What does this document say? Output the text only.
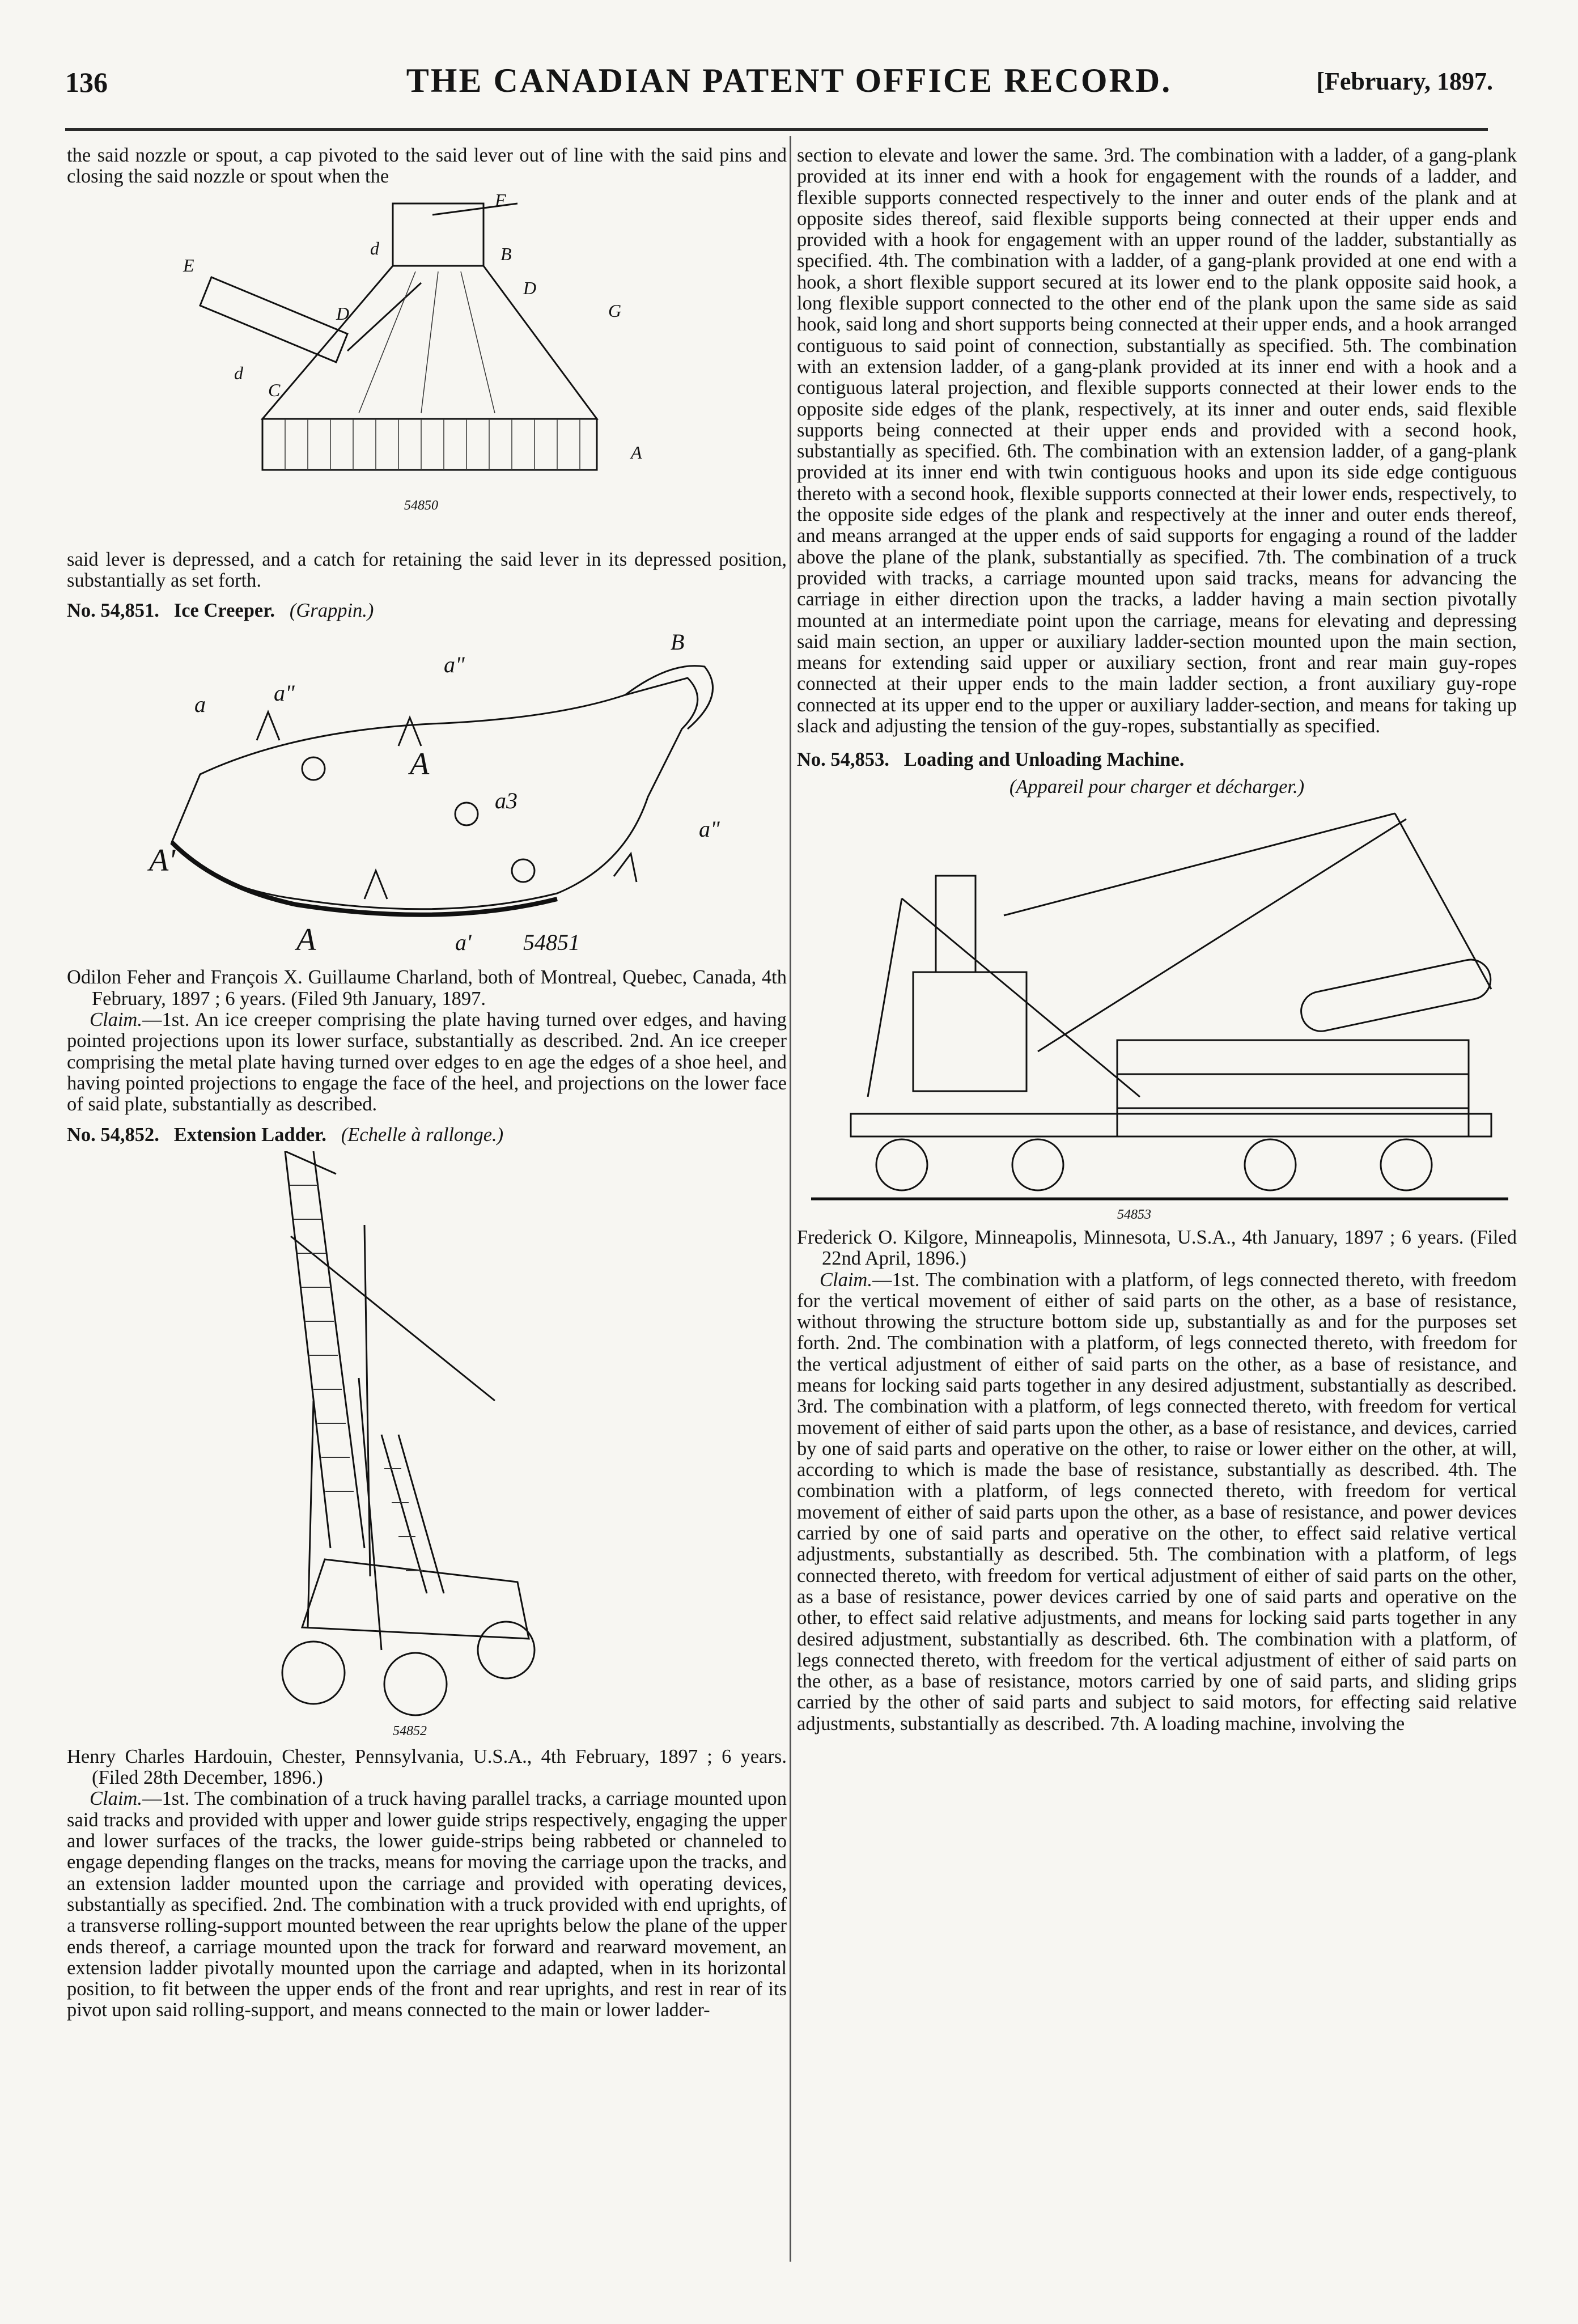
136	THE CANADIAN PATENT OFFICE RECORD.	[February, 1897.

the said nozzle or spout, a cap pivoted to the said lever out of line with the said pins and closing the said nozzle or spout when the

F
E
d	B
D
G
D
d
C
A
54850

said lever is depressed, and a catch for retaining the said lever in its depressed position, substantially as set forth.

No. 54,851. Ice Creeper. (Grappin.)

B
a"
a"
a
A
a3
A'
a"
A	a' 54851

Odilon Feher and François X. Guillaume Charland, both of Montreal, Quebec, Canada, 4th February, 1897 ; 6 years. (Filed 9th January, 1897.

Claim.—1st. An ice creeper comprising the plate having turned over edges, and having pointed projections upon its lower surface, substantially as described. 2nd. An ice creeper comprising the metal plate having turned over edges to en age the edges of a shoe heel, and having pointed projections to engage the face of the heel, and projections on the lower face of said plate, substantially as described.

No. 54,852. Extension Ladder. (Echelle à rallonge.)

54852

Henry Charles Hardouin, Chester, Pennsylvania, U.S.A., 4th February, 1897 ; 6 years. (Filed 28th December, 1896.)

Claim.—1st. The combination of a truck having parallel tracks, a carriage mounted upon said tracks and provided with upper and lower guide strips respectively, engaging the upper and lower surfaces of the tracks, the lower guide-strips being rabbeted or channeled to engage depending flanges on the tracks, means for moving the carriage upon the tracks, and an extension ladder mounted upon the carriage and provided with operating devices, substantially as specified. 2nd. The combination with a truck provided with end uprights, of a transverse rolling-support mounted between the rear uprights below the plane of the upper ends thereof, a carriage mounted upon the track for forward and rearward movement, an extension ladder pivotally mounted upon the carriage and adapted, when in its horizontal position, to fit between the upper ends of the front and rear uprights, and rest in rear of its pivot upon said rolling-support, and means connected to the main or lower ladder-

section to elevate and lower the same. 3rd. The combination with a ladder, of a gang-plank provided at its inner end with a hook for engagement with the rounds of a ladder, and flexible supports connected respectively to the inner and outer ends of the plank and at opposite sides thereof, said flexible supports being connected at their upper ends and provided with a hook for engagement with an upper round of the ladder, substantially as specified. 4th. The combination with a ladder, of a gang-plank provided at one end with a hook, a short flexible support secured at its lower end to the plank opposite said hook, a long flexible support connected to the other end of the plank upon the same side as said hook, said long and short supports being connected at their upper ends, and a hook arranged contiguous to said point of connection, substantially as specified. 5th. The combination with an extension ladder, of a gang-plank provided at its inner end with a hook and a contiguous lateral projection, and flexible supports connected at their lower ends to the opposite side edges of the plank, respectively, at its inner and outer ends, said flexible supports being connected at their upper ends and provided with a second hook, substantially as specified. 6th. The combination with an extension ladder, of a gang-plank provided at its inner end with twin contiguous hooks and upon its side edge contiguous thereto with a second hook, flexible supports connected at their lower ends, respectively, to the opposite side edges of the plank and respectively at the inner and outer ends thereof, and means arranged at the upper ends of said supports for engaging a round of the ladder above the plane of the plank, substantially as specified. 7th. The combination of a truck provided with tracks, a carriage mounted upon said tracks, means for advancing the carriage in either direction upon the tracks, a ladder having a main section pivotally mounted at an intermediate point upon the carriage, means for elevating and depressing said main section, an upper or auxiliary ladder-section mounted upon the main section, means for extending said upper or auxiliary section, front and rear main guy-ropes connected at their upper ends to the main ladder section, a front auxiliary guy-rope connected at its upper end to the upper or auxiliary ladder-section, and means for taking up slack and adjusting the tension of the guy-ropes, substantially as specified.

No. 54,853. Loading and Unloading Machine.

(Appareil pour charger et décharger.)

54853

Frederick O. Kilgore, Minneapolis, Minnesota, U.S.A., 4th January, 1897 ; 6 years. (Filed 22nd April, 1896.)

Claim.—1st. The combination with a platform, of legs connected thereto, with freedom for the vertical movement of either of said parts on the other, as a base of resistance, without throwing the structure bottom side up, substantially as and for the purposes set forth. 2nd. The combination with a platform, of legs connected thereto, with freedom for the vertical adjustment of either of said parts on the other, as a base of resistance, and means for locking said parts together in any desired adjustment, substantially as described. 3rd. The combination with a platform, of legs connected thereto, with freedom for vertical movement of either of said parts upon the other, as a base of resistance, and devices, carried by one of said parts and operative on the other, to raise or lower either on the other, at will, according to which is made the base of resistance, substantially as described. 4th. The combination with a platform, of legs connected thereto, with freedom for vertical movement of either of said parts upon the other, as a base of resistance, and power devices carried by one of said parts and operative on the other, to effect said relative vertical adjustments, substantially as described. 5th. The combination with a platform, of legs connected thereto, with freedom for vertical adjustment of either of said parts on the other, as a base of resistance, power devices carried by one of said parts and operative on the other, to effect said relative adjustments, and means for locking said parts together in any desired adjustment, substantially as described. 6th. The combination with a platform, of legs connected thereto, with freedom for the vertical adjustment of either of said parts on the other, as a base of resistance, motors carried by one of said parts, and sliding grips carried by the other of said parts and subject to said motors, for effecting said relative adjustments, substantially as described. 7th. A loading machine, involving the
